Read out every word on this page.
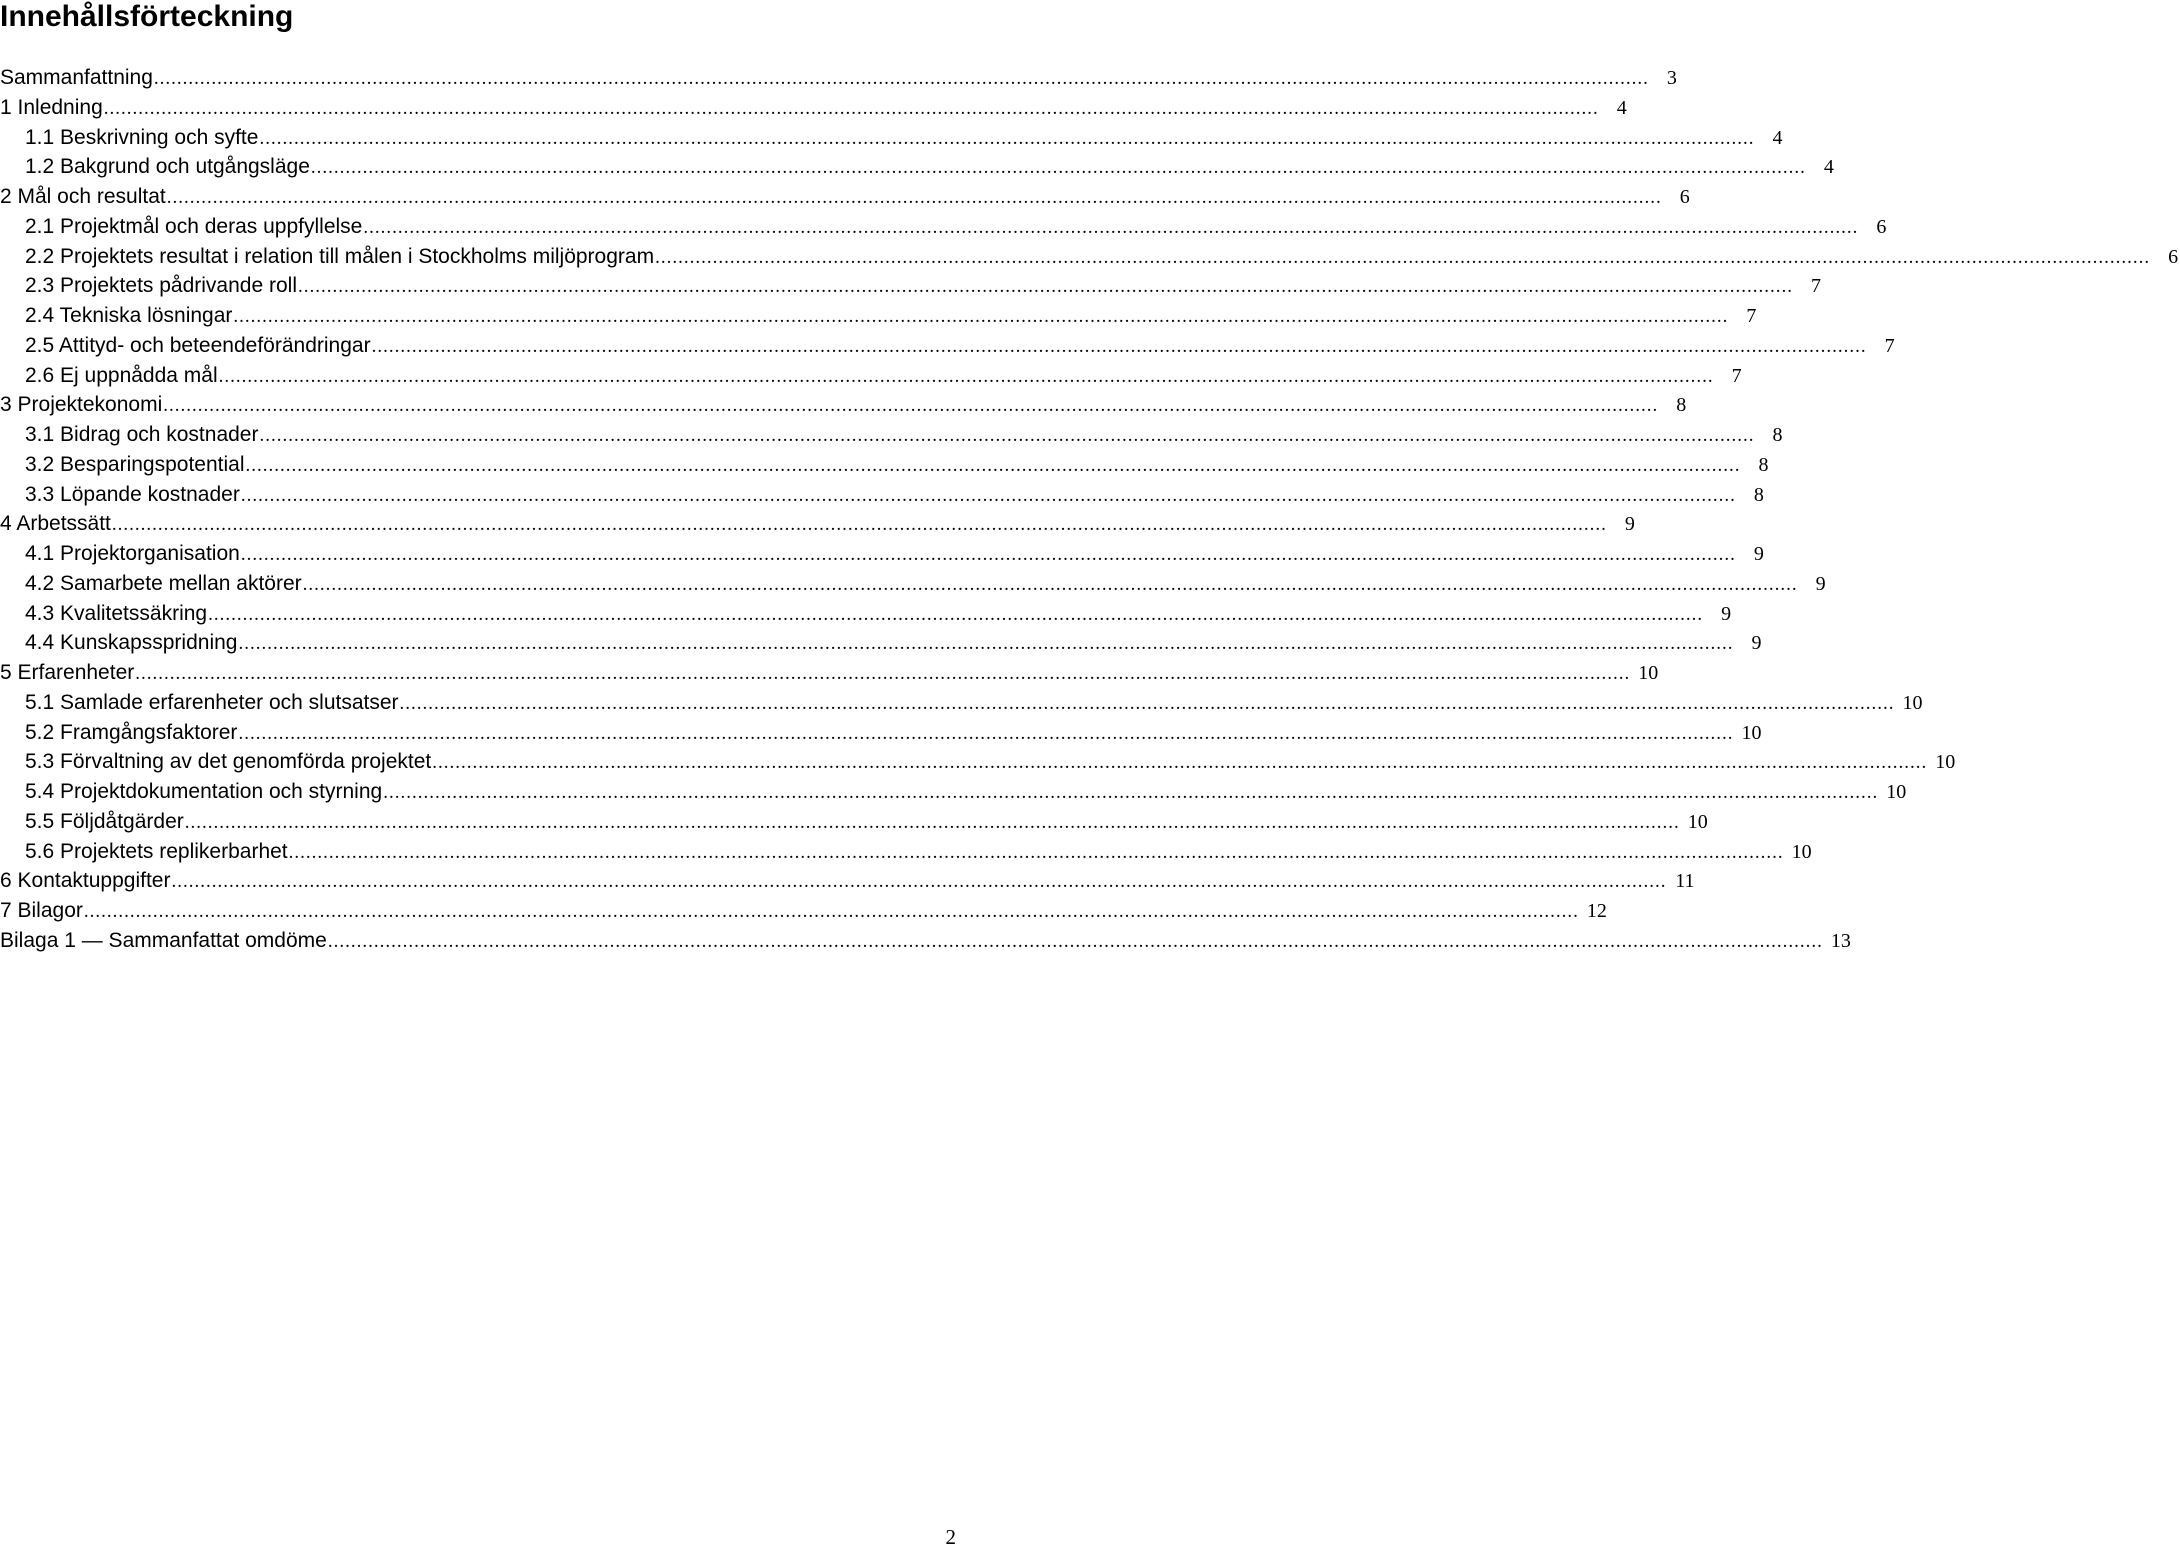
Innehållsförteckning
Sammanfattning .................................................................................................................................................................................................................................................................... 3
1 Inledning .................................................................................................................................................................................................................................................................... 4
1.1 Beskrivning och syfte .................................................................................................................................................................................................................................................................... 4
1.2 Bakgrund och utgångsläge .................................................................................................................................................................................................................................................................... 4
2 Mål och resultat .................................................................................................................................................................................................................................................................... 6
2.1 Projektmål och deras uppfyllelse .................................................................................................................................................................................................................................................................... 6
2.2 Projektets resultat i relation till målen i Stockholms miljöprogram .................................................................................................................................................................................................................................................................... 6
2.3 Projektets pådrivande roll .................................................................................................................................................................................................................................................................... 7
2.4 Tekniska lösningar .................................................................................................................................................................................................................................................................... 7
2.5 Attityd- och beteendeförändringar .................................................................................................................................................................................................................................................................... 7
2.6 Ej uppnådda mål .................................................................................................................................................................................................................................................................... 7
3 Projektekonomi .................................................................................................................................................................................................................................................................... 8
3.1 Bidrag och kostnader .................................................................................................................................................................................................................................................................... 8
3.2 Besparingspotential .................................................................................................................................................................................................................................................................... 8
3.3 Löpande kostnader .................................................................................................................................................................................................................................................................... 8
4 Arbetssätt .................................................................................................................................................................................................................................................................... 9
4.1 Projektorganisation .................................................................................................................................................................................................................................................................... 9
4.2 Samarbete mellan aktörer .................................................................................................................................................................................................................................................................... 9
4.3 Kvalitetssäkring .................................................................................................................................................................................................................................................................... 9
4.4 Kunskapsspridning .................................................................................................................................................................................................................................................................... 9
5 Erfarenheter .................................................................................................................................................................................................................................................................... 10
5.1 Samlade erfarenheter och slutsatser .................................................................................................................................................................................................................................................................... 10
5.2 Framgångsfaktorer .................................................................................................................................................................................................................................................................... 10
5.3 Förvaltning av det genomförda projektet .................................................................................................................................................................................................................................................................... 10
5.4 Projektdokumentation och styrning .................................................................................................................................................................................................................................................................... 10
5.5 Följdåtgärder .................................................................................................................................................................................................................................................................... 10
5.6 Projektets replikerbarhet .................................................................................................................................................................................................................................................................... 10
6 Kontaktuppgifter .................................................................................................................................................................................................................................................................... 11
7 Bilagor .................................................................................................................................................................................................................................................................... 12
Bilaga 1 — Sammanfattat omdöme .................................................................................................................................................................................................................................................................... 13
2
